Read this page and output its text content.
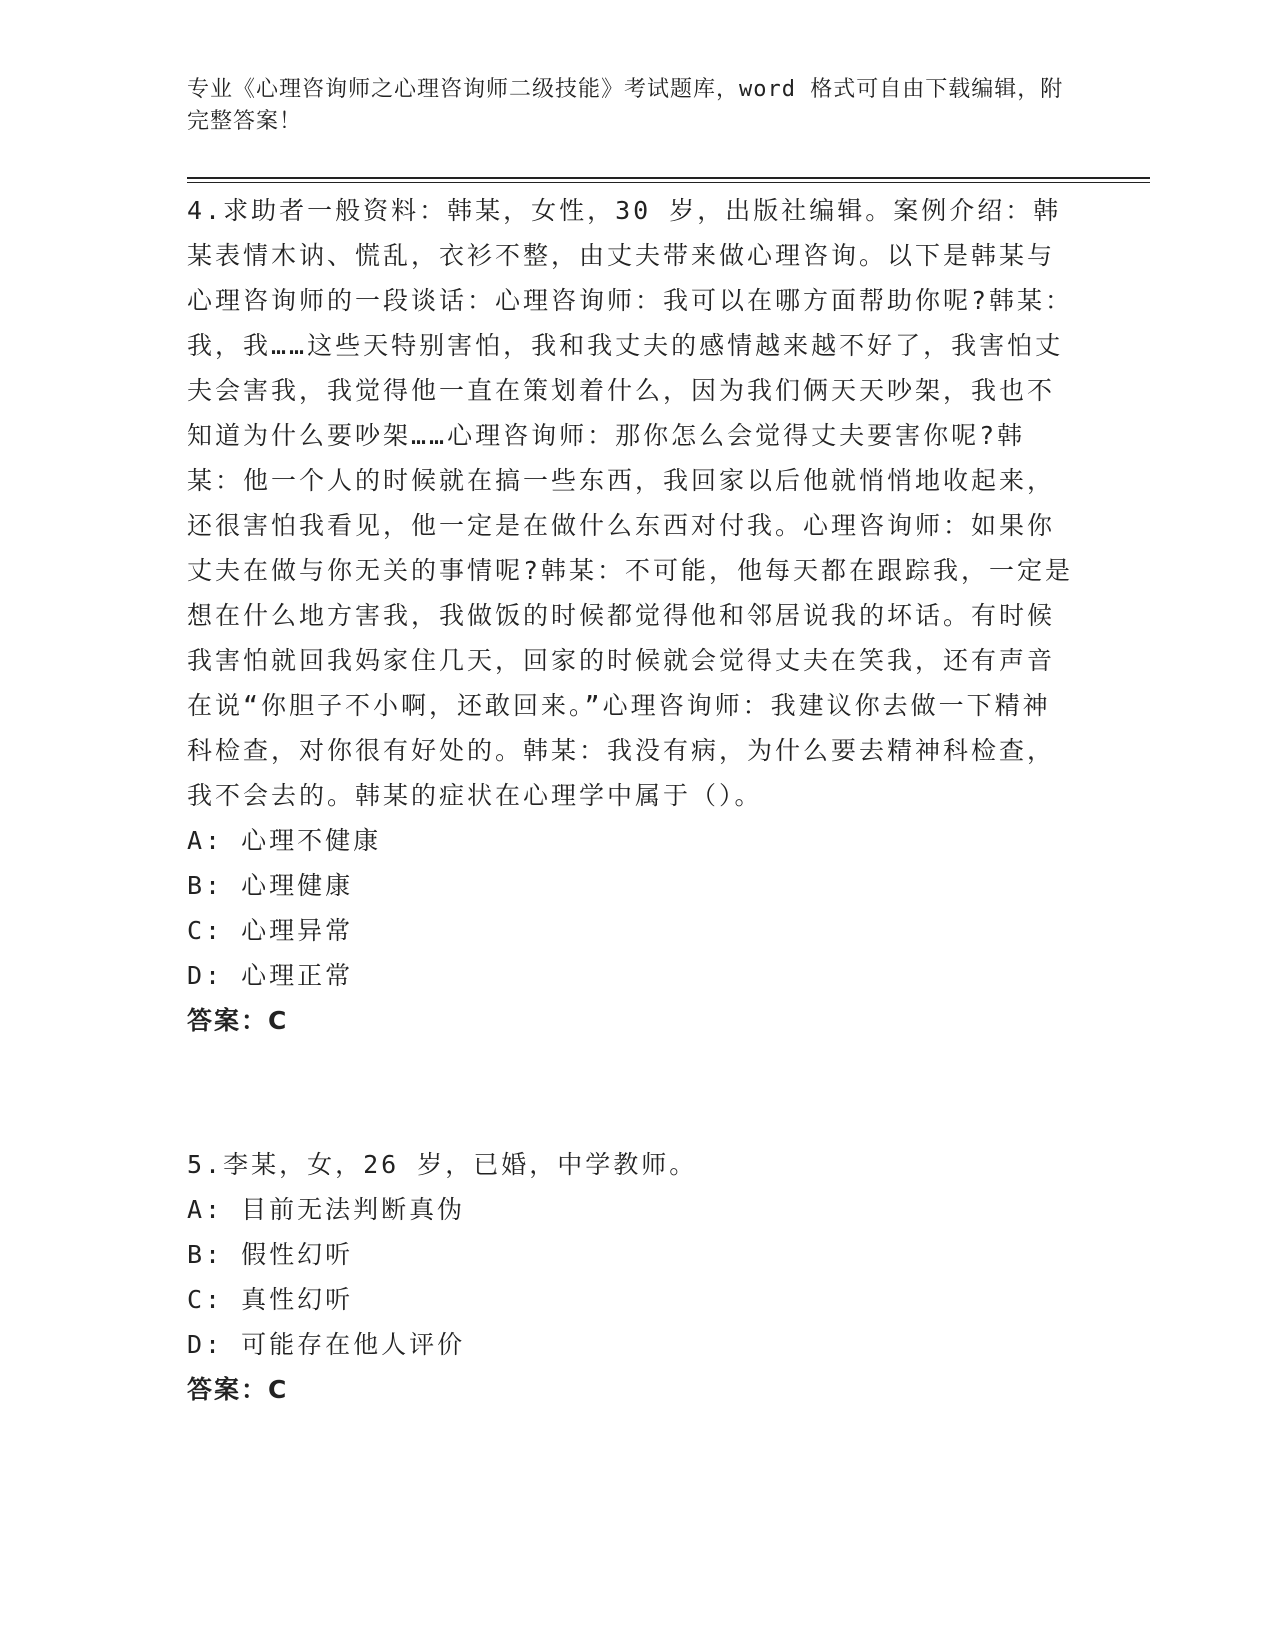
专业《心理咨询师之心理咨询师二级技能》考试题库，word 格式可自由下载编辑，附完整答案！

4.求助者一般资料：韩某，女性，30 岁，出版社编辑。案例介绍：韩某表情木讷、慌乱，衣衫不整，由丈夫带来做心理咨询。以下是韩某与心理咨询师的一段谈话：心理咨询师：我可以在哪方面帮助你呢?韩某：我，我……这些天特别害怕，我和我丈夫的感情越来越不好了，我害怕丈夫会害我，我觉得他一直在策划着什么，因为我们俩天天吵架，我也不知道为什么要吵架……心理咨询师：那你怎么会觉得丈夫要害你呢?韩某：他一个人的时候就在搞一些东西，我回家以后他就悄悄地收起来，还很害怕我看见，他一定是在做什么东西对付我。心理咨询师：如果你丈夫在做与你无关的事情呢?韩某：不可能，他每天都在跟踪我，一定是想在什么地方害我，我做饭的时候都觉得他和邻居说我的坏话。有时候我害怕就回我妈家住几天，回家的时候就会觉得丈夫在笑我，还有声音在说“你胆子不小啊，还敢回来。”心理咨询师：我建议你去做一下精神科检查，对你很有好处的。韩某：我没有病，为什么要去精神科检查，我不会去的。韩某的症状在心理学中属于（）。

A: 心理不健康

B: 心理健康

C: 心理异常

D: 心理正常

答案：C

5.李某，女，26 岁，已婚，中学教师。

A: 目前无法判断真伪

B: 假性幻听

C: 真性幻听

D: 可能存在他人评价

答案：C
